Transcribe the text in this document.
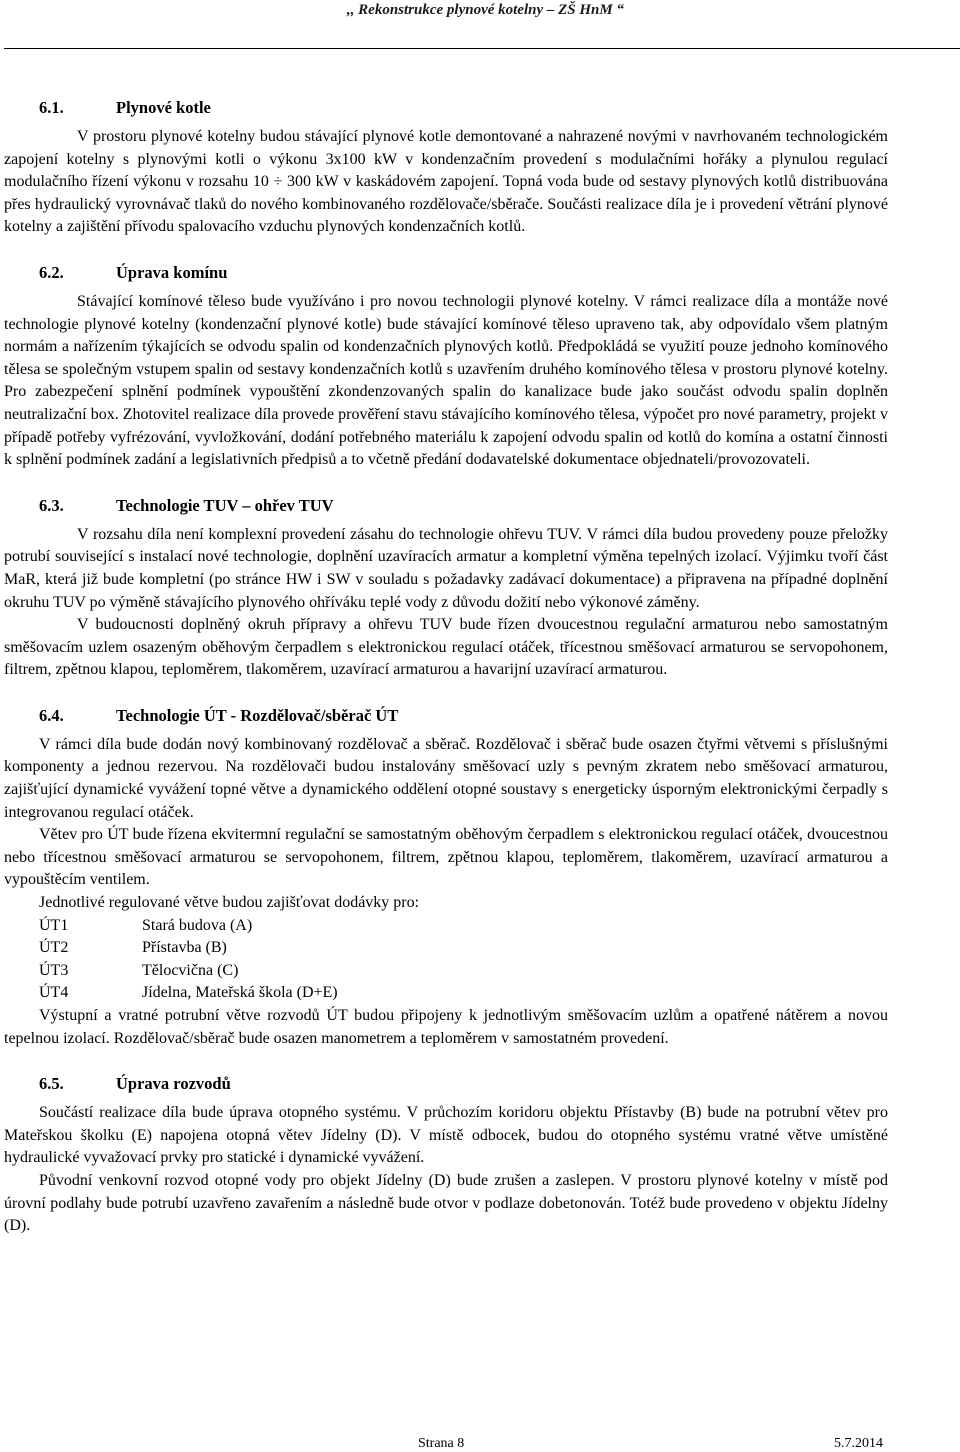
,, Rekonstrukce plynové kotelny – ZŠ HnM “
6.1.	Plynové kotle

V prostoru plynové kotelny budou stávající plynové kotle demontované a nahrazené novými v navrhovaném technologickém zapojení kotelny s plynovými kotli o výkonu 3x100 kW v kondenzačním provedení s modulačními hořáky a plynulou regulací modulačního řízení výkonu v rozsahu 10 ÷ 300 kW v kaskádovém zapojení. Topná voda bude od sestavy plynových kotlů distribuována přes hydraulický vyrovnávač tlaků do nového kombinovaného rozdělovače/sběrače. Součásti realizace díla je i provedení větrání plynové kotelny a zajištění přívodu spalovacího vzduchu plynových kondenzačních kotlů.

6.2.	Úprava komínu

Stávající komínové těleso bude využíváno i pro novou technologii plynové kotelny. V rámci realizace díla a montáže nové technologie plynové kotelny (kondenzační plynové kotle) bude stávající komínové těleso upraveno tak, aby odpovídalo všem platným normám a nařízením týkajících se odvodu spalin od kondenzačních plynových kotlů. Předpokládá se využití pouze jednoho komínového tělesa se společným vstupem spalin od sestavy kondenzačních kotlů s uzavřením druhého komínového tělesa v prostoru plynové kotelny. Pro zabezpečení splnění podmínek vypouštění zkondenzovaných spalin do kanalizace bude jako součást odvodu spalin doplněn neutralizační box. Zhotovitel realizace díla provede prověření stavu stávajícího komínového tělesa, výpočet pro nové parametry, projekt v případě potřeby vyfrézování, vyvložkování, dodání potřebného materiálu k zapojení odvodu spalin od kotlů do komína a ostatní činnosti k splnění podmínek zadání a legislativních předpisů a to včetně předání dodavatelské dokumentace objednateli/provozovateli.

6.3.	Technologie TUV – ohřev TUV

V rozsahu díla není komplexní provedení zásahu do technologie ohřevu TUV. V rámci díla budou provedeny pouze přeložky potrubí související s instalací nové technologie, doplnění uzavíracích armatur a kompletní výměna tepelných izolací. Výjimku tvoří část MaR, která již bude kompletní (po stránce HW i SW v souladu s požadavky zadávací dokumentace) a připravena na případné doplnění okruhu TUV po výměně stávajícího plynového ohříváku teplé vody z důvodu dožití nebo výkonové záměny.

V budoucnosti doplněný okruh přípravy a ohřevu TUV bude řízen dvoucestnou regulační armaturou nebo samostatným směšovacím uzlem osazeným oběhovým čerpadlem s elektronickou regulací otáček, třícestnou směšovací armaturou se servopohonem, filtrem, zpětnou klapou, teploměrem, tlakoměrem, uzavírací armaturou a havarijní uzavírací armaturou.

6.4.	Technologie ÚT - Rozdělovač/sběrač ÚT

V rámci díla bude dodán nový kombinovaný rozdělovač a sběrač. Rozdělovač i sběrač bude osazen čtyřmi větvemi s příslušnými komponenty a jednou rezervou. Na rozdělovači budou instalovány směšovací uzly s pevným zkratem nebo směšovací armaturou, zajišťující dynamické vyvážení topné větve a dynamického oddělení otopné soustavy s energeticky úsporným elektronickými čerpadly s integrovanou regulací otáček.

Větev pro ÚT bude řízena ekvitermní regulační se samostatným oběhovým čerpadlem s elektronickou regulací otáček, dvoucestnou nebo třícestnou směšovací armaturou se servopohonem, filtrem, zpětnou klapou, teploměrem, tlakoměrem, uzavírací armaturou a vypouštěcím ventilem.

Jednotlivé regulované větve budou zajišťovat dodávky pro:

ÚT1	Stará budova (A)
ÚT2	Přístavba (B)
ÚT3	Tělocvična (C)
ÚT4	Jídelna, Mateřská škola (D+E)

Výstupní a vratné potrubní větve rozvodů ÚT budou připojeny k jednotlivým směšovacím uzlům a opatřené nátěrem a novou tepelnou izolací. Rozdělovač/sběrač bude osazen manometrem a teploměrem v samostatném provedení.

6.5.	Úprava rozvodů

Součástí realizace díla bude úprava otopného systému. V průchozím koridoru objektu Přístavby (B) bude na potrubní větev pro Mateřskou školku (E) napojena otopná větev Jídelny (D). V místě odbocek, budou do otopného systému vratné větve umístěné hydraulické vyvažovací prvky pro statické i dynamické vyvážení.

Původní venkovní rozvod otopné vody pro objekt Jídelny (D) bude zrušen a zaslepen. V prostoru plynové kotelny v místě pod úrovní podlahy bude potrubí uzavřeno zavařením a následně bude otvor v podlaze dobetonován. Totéž bude provedeno v objektu Jídelny (D).

Strana 8	5.7.2014
